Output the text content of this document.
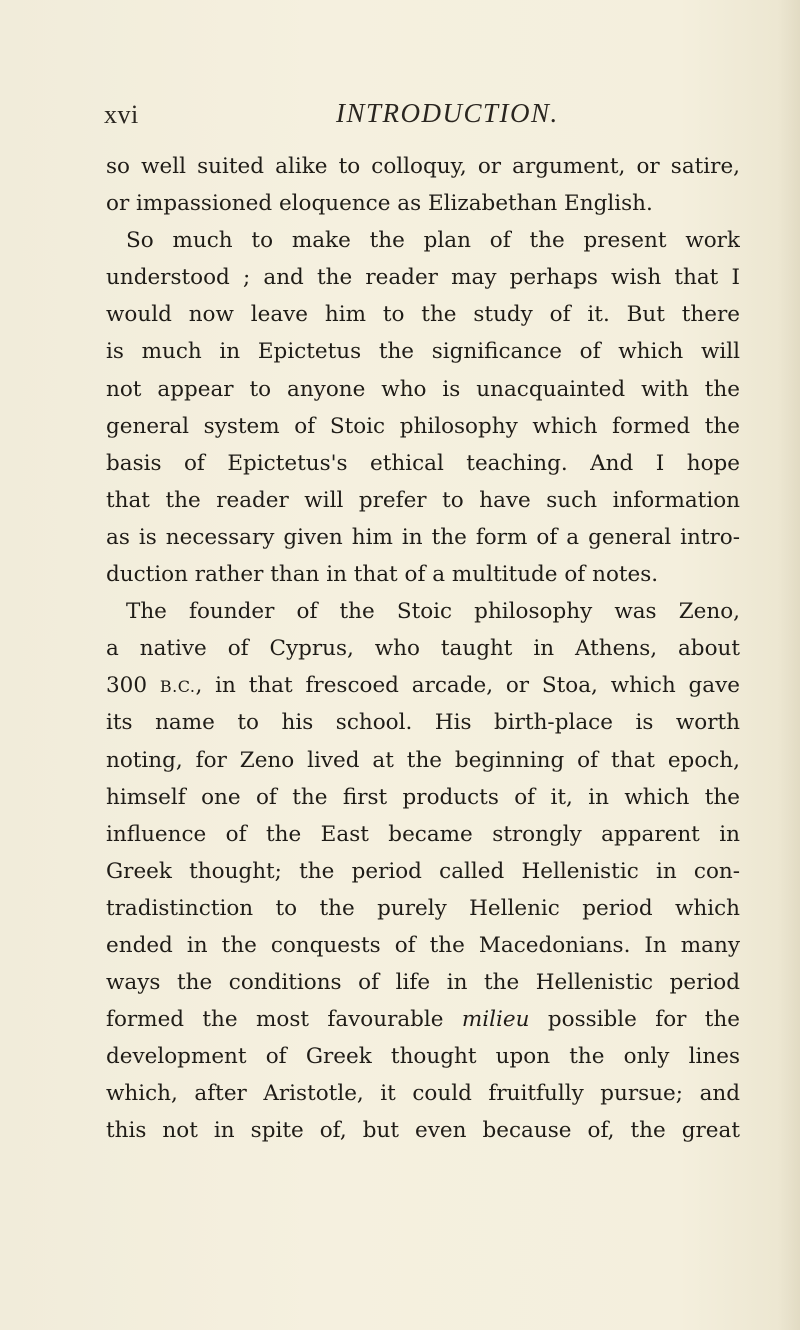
xvi	INTRODUCTION.
so well suited alike to colloquy, or argument, or satire,
or impassioned eloquence as Elizabethan English.
So much to make the plan of the present work
understood ; and the reader may perhaps wish that I
would now leave him to the study of it. But there
is much in Epictetus the significance of which will
not appear to anyone who is unacquainted with the
general system of Stoic philosophy which formed the
basis of Epictetus's ethical teaching. And I hope
that the reader will prefer to have such information
as is necessary given him in the form of a general intro-
duction rather than in that of a multitude of notes.
The founder of the Stoic philosophy was Zeno,
a native of Cyprus, who taught in Athens, about
300 B.C., in that frescoed arcade, or Stoa, which gave
its name to his school. His birth-place is worth
noting, for Zeno lived at the beginning of that epoch,
himself one of the first products of it, in which the
influence of the East became strongly apparent in
Greek thought; the period called Hellenistic in con-
tradistinction to the purely Hellenic period which
ended in the conquests of the Macedonians. In many
ways the conditions of life in the Hellenistic period
formed the most favourable milieu possible for the
development of Greek thought upon the only lines
which, after Aristotle, it could fruitfully pursue; and
this not in spite of, but even because of, the great
